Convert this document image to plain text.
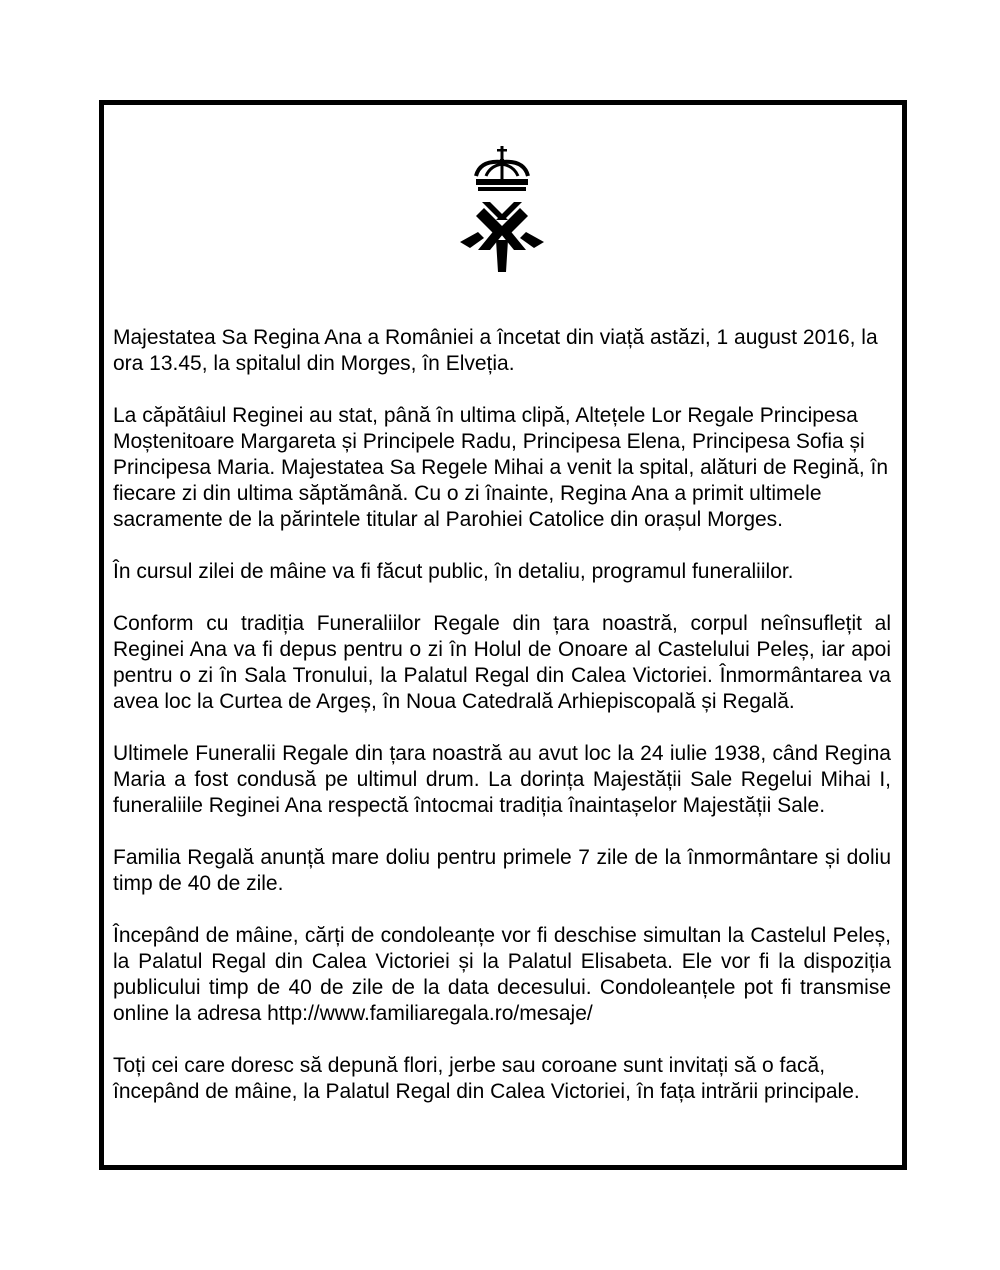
Majestatea Sa Regina Ana a României a încetat din viață astăzi, 1 august 2016, la ora 13.45, la spitalul din Morges, în Elveția.

La căpătâiul Reginei au stat, până în ultima clipă, Altețele Lor Regale Principesa Moștenitoare Margareta și Principele Radu, Principesa Elena, Principesa Sofia și Principesa Maria. Majestatea Sa Regele Mihai a venit la spital, alături de Regină, în fiecare zi din ultima săptămână. Cu o zi înainte, Regina Ana a primit ultimele sacramente de la părintele titular al Parohiei Catolice din orașul Morges.

În cursul zilei de mâine va fi făcut public, în detaliu, programul funeraliilor.

Conform cu tradiția Funeraliilor Regale din țara noastră, corpul neînsuflețit al Reginei Ana va fi depus pentru o zi în Holul de Onoare al Castelului Peleș, iar apoi pentru o zi în Sala Tronului, la Palatul Regal din Calea Victoriei. Înmormântarea va avea loc la Curtea de Argeș, în Noua Catedrală Arhiepiscopală și Regală.

Ultimele Funeralii Regale din țara noastră au avut loc la 24 iulie 1938, când Regina Maria a fost condusă pe ultimul drum. La dorința Majestății Sale Regelui Mihai I, funeraliile Reginei Ana respectă întocmai tradiția înaintașelor Majestății Sale.

Familia Regală anunță mare doliu pentru primele 7 zile de la înmormântare și doliu timp de 40 de zile.

Începând de mâine, cărți de condoleanțe vor fi deschise simultan la Castelul Peleș, la Palatul Regal din Calea Victoriei și la Palatul Elisabeta. Ele vor fi la dispoziția publicului timp de 40 de zile de la data decesului. Condoleanțele pot fi transmise online la adresa http://www.familiaregala.ro/mesaje/

Toți cei care doresc să depună flori, jerbe sau coroane sunt invitați să o facă, începând de mâine, la Palatul Regal din Calea Victoriei, în fața intrării principale.
